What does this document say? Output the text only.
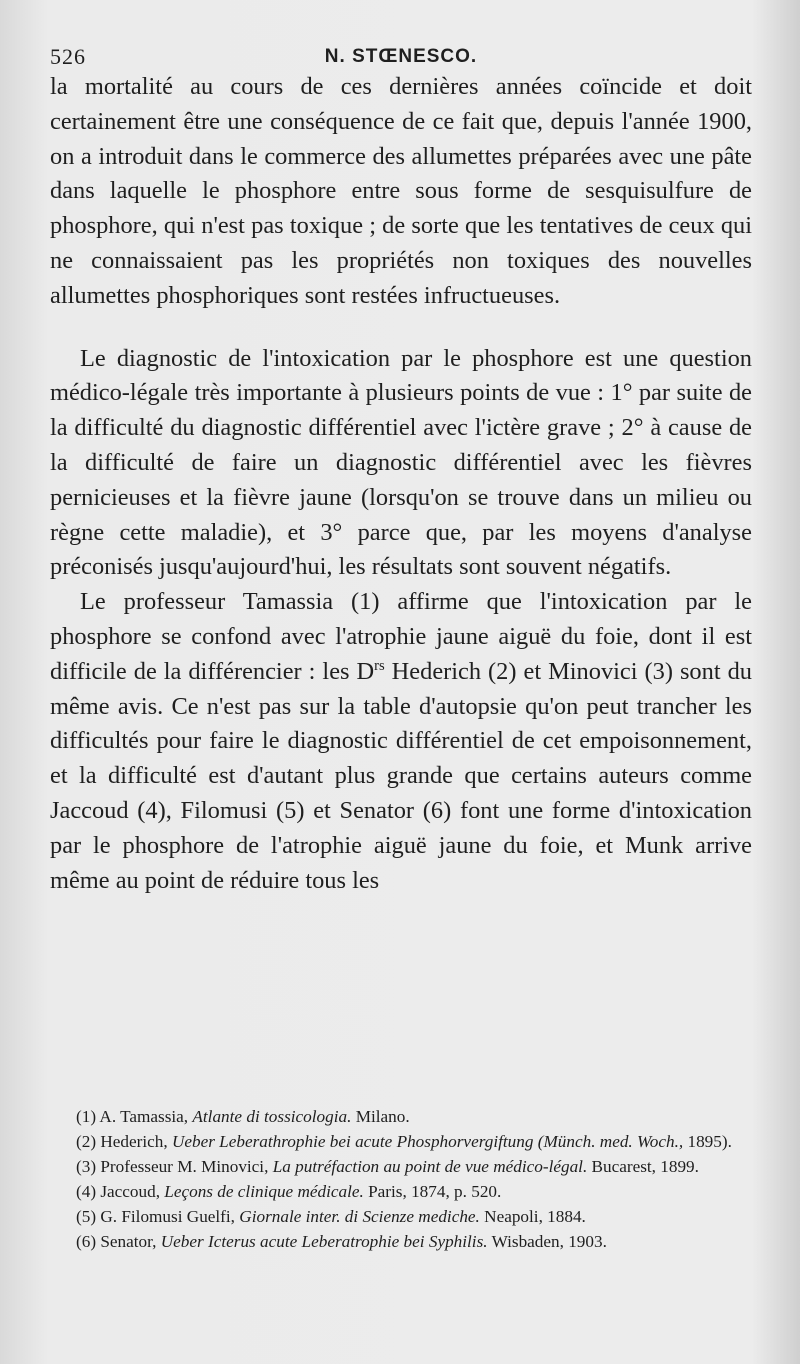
526	N. STŒNESCO.

la mortalité au cours de ces dernières années coïncide et doit certainement être une conséquence de ce fait que, depuis l'année 1900, on a introduit dans le commerce des allumettes préparées avec une pâte dans laquelle le phosphore entre sous forme de sesquisulfure de phosphore, qui n'est pas toxique ; de sorte que les tentatives de ceux qui ne connaissaient pas les propriétés non toxiques des nouvelles allumettes phosphoriques sont restées infructueuses.

Le diagnostic de l'intoxication par le phosphore est une question médico-légale très importante à plusieurs points de vue : 1° par suite de la difficulté du diagnostic différentiel avec l'ictère grave ; 2° à cause de la difficulté de faire un diagnostic différentiel avec les fièvres pernicieuses et la fièvre jaune (lorsqu'on se trouve dans un milieu ou règne cette maladie), et 3° parce que, par les moyens d'analyse préconisés jusqu'aujourd'hui, les résultats sont souvent négatifs.

Le professeur Tamassia (1) affirme que l'intoxication par le phosphore se confond avec l'atrophie jaune aiguë du foie, dont il est difficile de la différencier : les $D^{rs}$ Hederich (2) et Minovici (3) sont du même avis. Ce n'est pas sur la table d'autopsie qu'on peut trancher les difficultés pour faire le diagnostic différentiel de cet empoisonnement, et la difficulté est d'autant plus grande que certains auteurs comme Jaccoud (4), Filomusi (5) et Senator (6) font une forme d'intoxication par le phosphore de l'atrophie aiguë jaune du foie, et Munk arrive même au point de réduire tous les

(1) A. Tamassia, Atlante di tossicologia. Milano.

(2) Hederich, Ueber Leberathrophie bei acute Phosphorvergiftung (Münch. med. Woch., 1895).

(3) Professeur M. Minovici, La putréfaction au point de vue médico-légal. Bucarest, 1899.

(4) Jaccoud, Leçons de clinique médicale. Paris, 1874, p. 520.

(5) G. Filomusi Guelfi, Giornale inter. di Scienze mediche. Neapoli, 1884.

(6) Senator, Ueber Icterus acute Leberatrophie bei Syphilis. Wisbaden, 1903.
